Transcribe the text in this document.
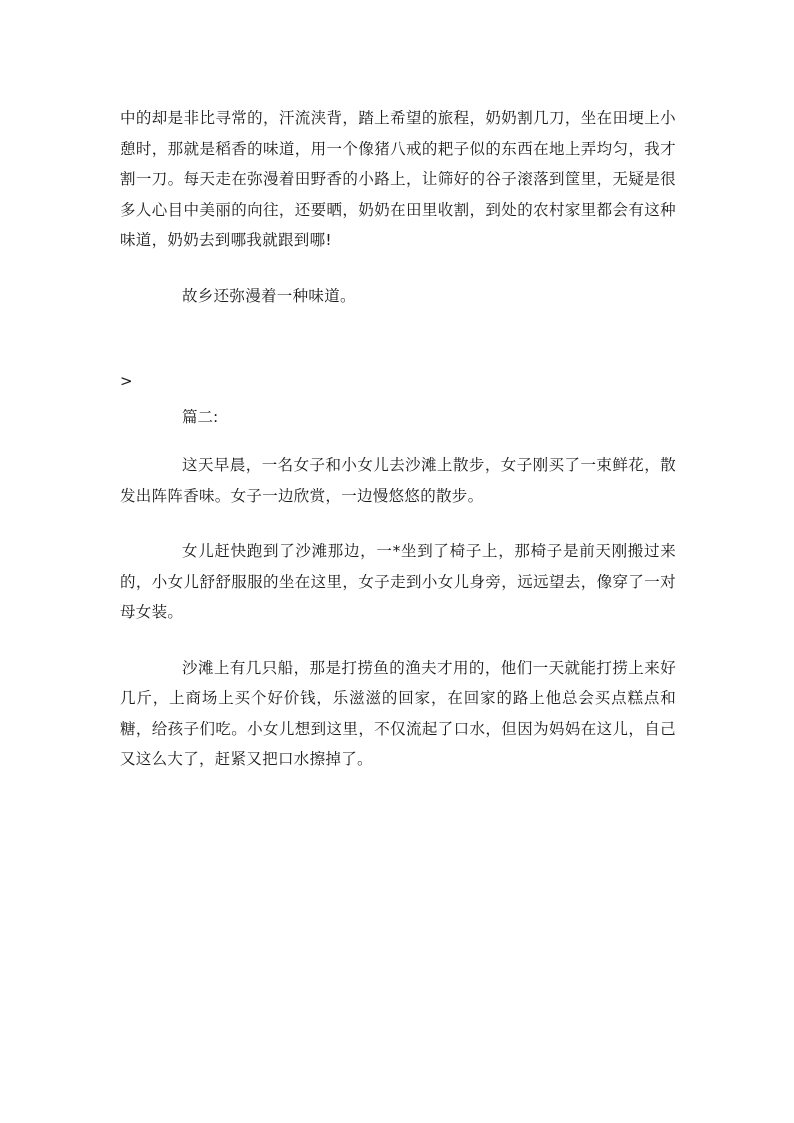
中的却是非比寻常的，汗流浃背，踏上希望的旅程，奶奶割几刀，坐在田埂上小憩时，那就是稻香的味道，用一个像猪八戒的耙子似的东西在地上弄均匀，我才割一刀。每天走在弥漫着田野香的小路上，让筛好的谷子滚落到筐里，无疑是很多人心目中美丽的向往，还要晒，奶奶在田里收割，到处的农村家里都会有这种味道，奶奶去到哪我就跟到哪!

故乡还弥漫着一种味道。

>

篇二:

这天早晨，一名女子和小女儿去沙滩上散步，女子刚买了一束鲜花，散发出阵阵香味。女子一边欣赏，一边慢悠悠的散步。

女儿赶快跑到了沙滩那边，一*坐到了椅子上，那椅子是前天刚搬过来的，小女儿舒舒服服的坐在这里，女子走到小女儿身旁，远远望去，像穿了一对母女装。

沙滩上有几只船，那是打捞鱼的渔夫才用的，他们一天就能打捞上来好几斤，上商场上买个好价钱，乐滋滋的回家，在回家的路上他总会买点糕点和糖，给孩子们吃。小女儿想到这里，不仅流起了口水，但因为妈妈在这儿，自己又这么大了，赶紧又把口水擦掉了。
